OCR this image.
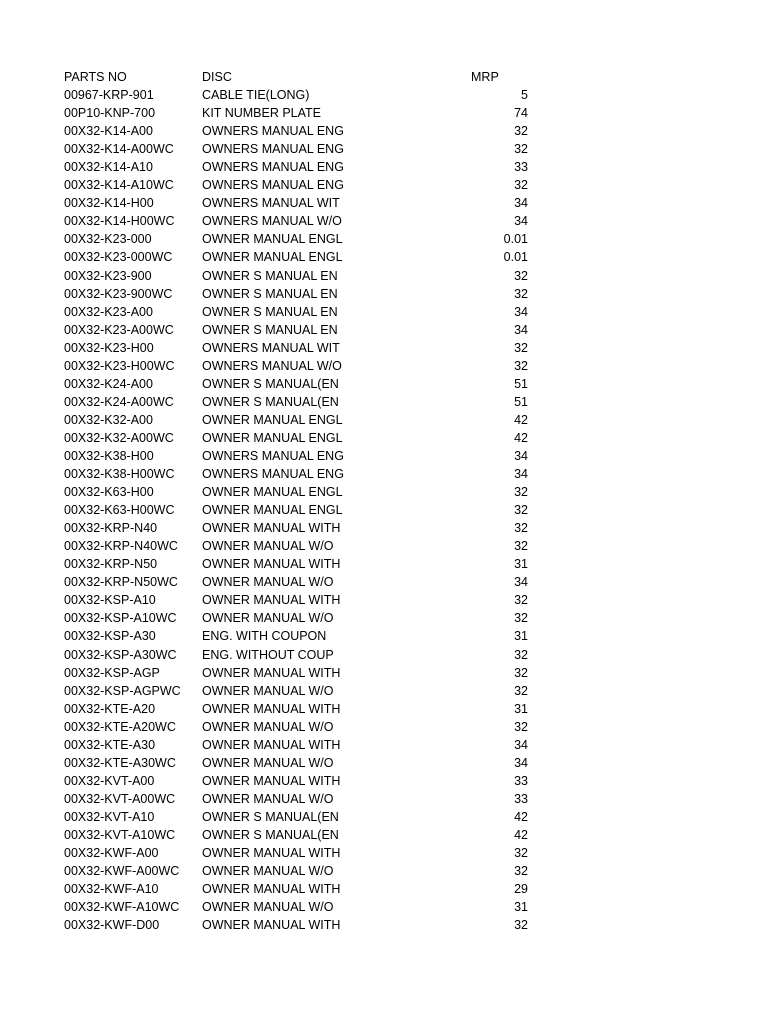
PARTS NO	DISC	MRP
00967-KRP-901	CABLE TIE(LONG)	5
00P10-KNP-700	KIT NUMBER PLATE	74
00X32-K14-A00	OWNERS MANUAL ENG	32
00X32-K14-A00WC OWNERS MANUAL ENG	32
00X32-K14-A10	OWNERS MANUAL ENG	33
00X32-K14-A10WC OWNERS MANUAL ENG	32
00X32-K14-H00	OWNERS MANUAL WIT	34
00X32-K14-H00WC OWNERS MANUAL W/O	34
00X32-K23-000	OWNER MANUAL ENGL	0.01
00X32-K23-000WC OWNER MANUAL ENGL	0.01
00X32-K23-900	OWNER S MANUAL EN	32
00X32-K23-900WC OWNER S MANUAL EN	32
00X32-K23-A00	OWNER S MANUAL EN	34
00X32-K23-A00WC OWNER S MANUAL EN	34
00X32-K23-H00	OWNERS MANUAL WIT	32
00X32-K23-H00WC OWNERS MANUAL W/O	32
00X32-K24-A00	OWNER S MANUAL(EN	51
00X32-K24-A00WC OWNER S MANUAL(EN	51
00X32-K32-A00	OWNER MANUAL ENGL	42
00X32-K32-A00WC OWNER MANUAL ENGL	42
00X32-K38-H00	OWNERS MANUAL ENG	34
00X32-K38-H00WC OWNERS MANUAL ENG	34
00X32-K63-H00	OWNER MANUAL ENGL	32
00X32-K63-H00WC OWNER MANUAL ENGL	32
00X32-KRP-N40	OWNER MANUAL WITH	32
00X32-KRP-N40WC OWNER MANUAL W/O	32
00X32-KRP-N50	OWNER MANUAL WITH	31
00X32-KRP-N50WC OWNER MANUAL W/O	34
00X32-KSP-A10	OWNER MANUAL WITH	32
00X32-KSP-A10WC OWNER MANUAL W/O	32
00X32-KSP-A30	ENG. WITH COUPON	31
00X32-KSP-A30WC ENG. WITHOUT COUP	32
00X32-KSP-AGP	OWNER MANUAL WITH	32
00X32-KSP-AGPWC OWNER MANUAL W/O	32
00X32-KTE-A20	OWNER MANUAL WITH	31
00X32-KTE-A20WC OWNER MANUAL W/O	32
00X32-KTE-A30	OWNER MANUAL WITH	34
00X32-KTE-A30WC OWNER MANUAL W/O	34
00X32-KVT-A00	OWNER MANUAL WITH	33
00X32-KVT-A00WC OWNER MANUAL W/O	33
00X32-KVT-A10	OWNER S MANUAL(EN	42
00X32-KVT-A10WC OWNER S MANUAL(EN	42
00X32-KWF-A00	OWNER MANUAL WITH	32
00X32-KWF-A00WC OWNER MANUAL W/O	32
00X32-KWF-A10	OWNER MANUAL WITH	29
00X32-KWF-A10WC OWNER MANUAL W/O	31
00X32-KWF-D00	OWNER MANUAL WITH	32
